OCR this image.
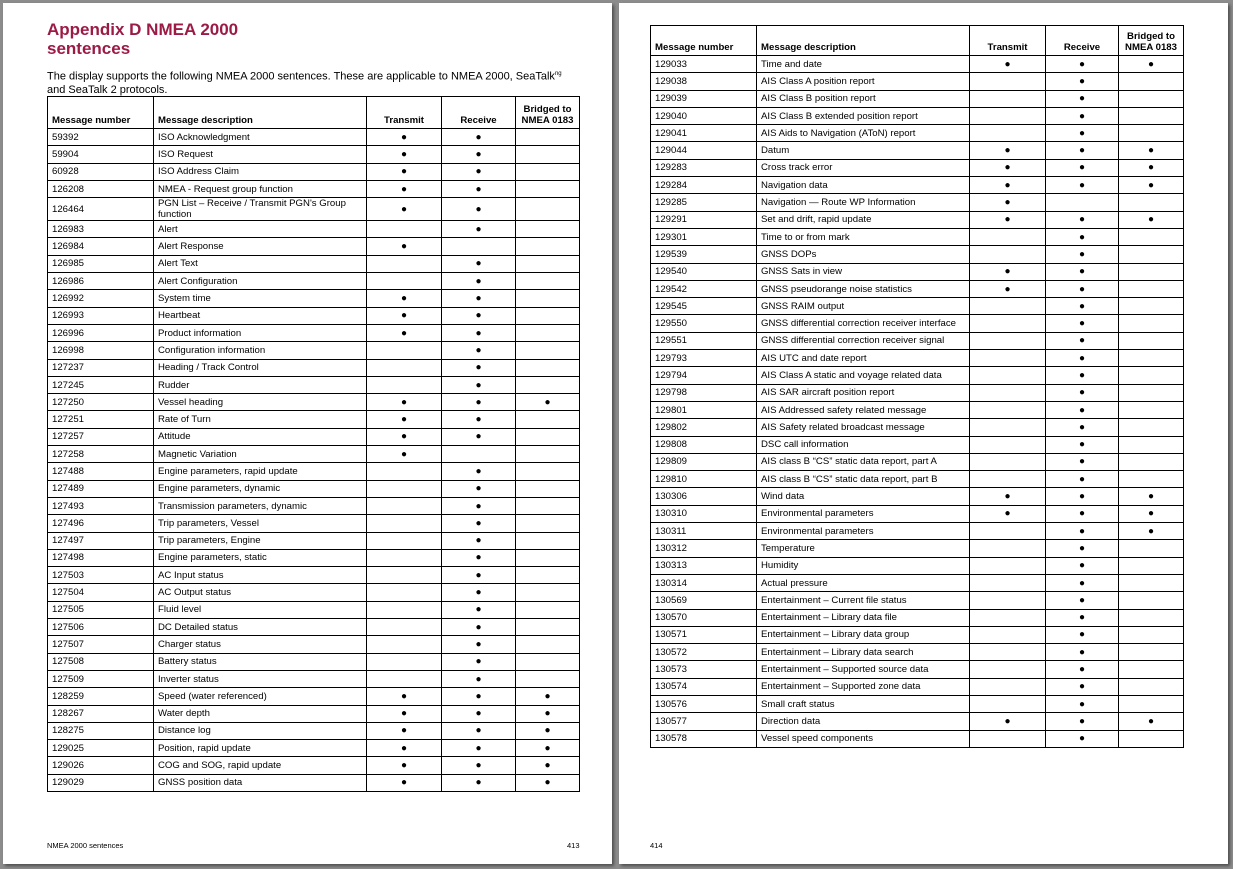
Appendix D NMEA 2000
sentences

The display supports the following NMEA 2000 sentences. These are applicable to NMEA 2000, SeaTalk$^{ng}$ and SeaTalk 2 protocols.

Message number	Message description	Transmit	Receive	Bridged to NMEA 0183
59392	ISO Acknowledgment	●	●	
59904	ISO Request	●	●	
60928	ISO Address Claim	●	●	
126208	NMEA - Request group function	●	●	
126464	PGN List – Receive / Transmit PGN's Group function	●	●	
126983	Alert		●	
126984	Alert Response	●		
126985	Alert Text		●	
126986	Alert Configuration		●	
126992	System time	●	●	
126993	Heartbeat	●	●	
126996	Product information	●	●	
126998	Configuration information		●	
127237	Heading / Track Control		●	
127245	Rudder		●	
127250	Vessel heading	●	●	●
127251	Rate of Turn	●	●	
127257	Attitude	●	●	
127258	Magnetic Variation	●		
127488	Engine parameters, rapid update		●	
127489	Engine parameters, dynamic		●	
127493	Transmission parameters, dynamic		●	
127496	Trip parameters, Vessel		●	
127497	Trip parameters, Engine		●	
127498	Engine parameters, static		●	
127503	AC Input status		●	
127504	AC Output status		●	
127505	Fluid level		●	
127506	DC Detailed status		●	
127507	Charger status		●	
127508	Battery status		●	
127509	Inverter status		●	
128259	Speed (water referenced)	●	●	●
128267	Water depth	●	●	●
128275	Distance log	●	●	●
129025	Position, rapid update	●	●	●
129026	COG and SOG, rapid update	●	●	●
129029	GNSS position data	●	●	●
NMEA 2000 sentences	413
Message number	Message description	Transmit	Receive	Bridged to NMEA 0183
129033	Time and date	●	●	●
129038	AIS Class A position report		●	
129039	AIS Class B position report		●	
129040	AIS Class B extended position report		●	
129041	AIS Aids to Navigation (AToN) report		●	
129044	Datum	●	●	●
129283	Cross track error	●	●	●
129284	Navigation data	●	●	●
129285	Navigation — Route WP Information	●		
129291	Set and drift, rapid update	●	●	●
129301	Time to or from mark		●	
129539	GNSS DOPs		●	
129540	GNSS Sats in view	●	●	
129542	GNSS pseudorange noise statistics	●	●	
129545	GNSS RAIM output		●	
129550	GNSS differential correction receiver interface		●	
129551	GNSS differential correction receiver signal		●	
129793	AIS UTC and date report		●	
129794	AIS Class A static and voyage related data		●	
129798	AIS SAR aircraft position report		●	
129801	AIS Addressed safety related message		●	
129802	AIS Safety related broadcast message		●	
129808	DSC call information		●	
129809	AIS class B “CS” static data report, part A		●	
129810	AIS class B “CS” static data report, part B		●	
130306	Wind data	●	●	●
130310	Environmental parameters	●	●	●
130311	Environmental parameters		●	●
130312	Temperature		●	
130313	Humidity		●	
130314	Actual pressure		●	
130569	Entertainment – Current file status		●	
130570	Entertainment – Library data file		●	
130571	Entertainment – Library data group		●	
130572	Entertainment – Library data search		●	
130573	Entertainment – Supported source data		●	
130574	Entertainment – Supported zone data		●	
130576	Small craft status		●	
130577	Direction data	●	●	●
130578	Vessel speed components		●	
414
